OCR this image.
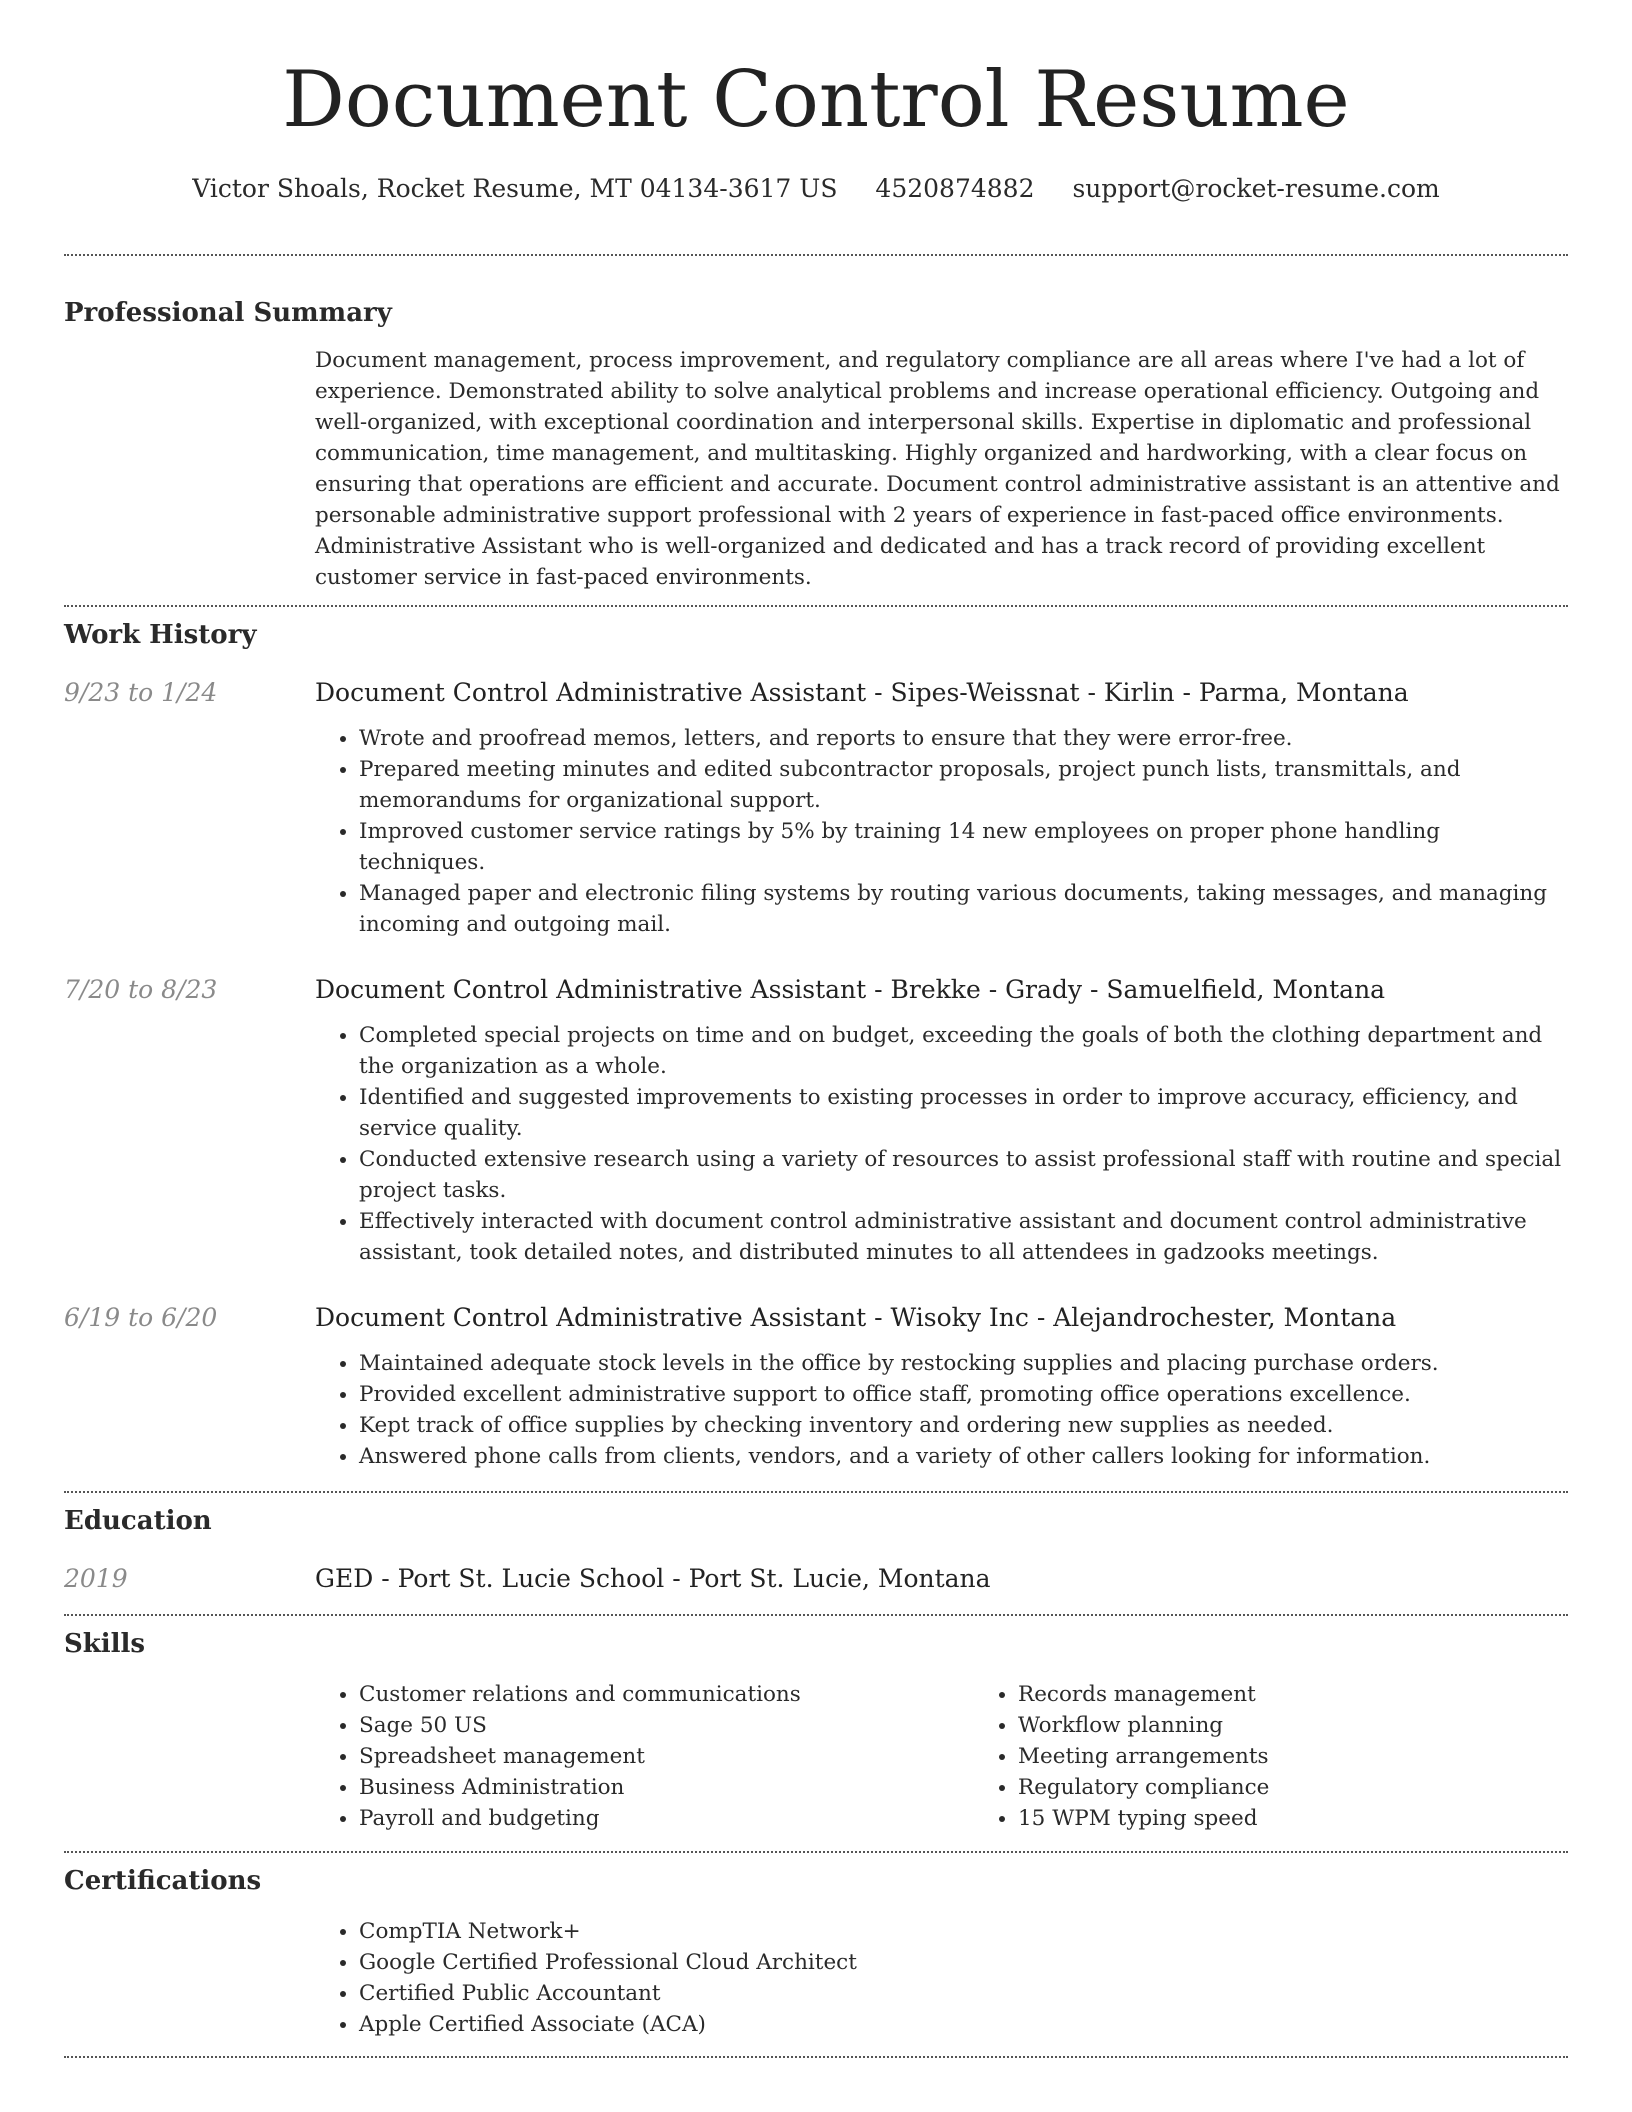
Document Control Resume
Victor Shoals, Rocket Resume, MT 04134-3617 US 4520874882 support@rocket-resume.com
Professional Summary
Document management, process improvement, and regulatory compliance are all areas where I've had a lot of experience. Demonstrated ability to solve analytical problems and increase operational efficiency. Outgoing and well-organized, with exceptional coordination and interpersonal skills. Expertise in diplomatic and professional communication, time management, and multitasking. Highly organized and hardworking, with a clear focus on ensuring that operations are efficient and accurate. Document control administrative assistant is an attentive and personable administrative support professional with 2 years of experience in fast-paced office environments. Administrative Assistant who is well-organized and dedicated and has a track record of providing excellent customer service in fast-paced environments.
Work History
9/23 to 1/24	Document Control Administrative Assistant - Sipes-Weissnat - Kirlin - Parma, Montana
• Wrote and proofread memos, letters, and reports to ensure that they were error-free.
• Prepared meeting minutes and edited subcontractor proposals, project punch lists, transmittals, and memorandums for organizational support.
• Improved customer service ratings by 5% by training 14 new employees on proper phone handling techniques.
• Managed paper and electronic filing systems by routing various documents, taking messages, and managing incoming and outgoing mail.
7/20 to 8/23	Document Control Administrative Assistant - Brekke - Grady - Samuelfield, Montana
• Completed special projects on time and on budget, exceeding the goals of both the clothing department and the organization as a whole.
• Identified and suggested improvements to existing processes in order to improve accuracy, efficiency, and service quality.
• Conducted extensive research using a variety of resources to assist professional staff with routine and special project tasks.
• Effectively interacted with document control administrative assistant and document control administrative assistant, took detailed notes, and distributed minutes to all attendees in gadzooks meetings.
6/19 to 6/20	Document Control Administrative Assistant - Wisoky Inc - Alejandrochester, Montana
• Maintained adequate stock levels in the office by restocking supplies and placing purchase orders.
• Provided excellent administrative support to office staff, promoting office operations excellence.
• Kept track of office supplies by checking inventory and ordering new supplies as needed.
• Answered phone calls from clients, vendors, and a variety of other callers looking for information.
Education
2019	GED - Port St. Lucie School - Port St. Lucie, Montana
Skills
• Customer relations and communications
• Sage 50 US
• Spreadsheet management
• Business Administration
• Payroll and budgeting
• Records management
• Workflow planning
• Meeting arrangements
• Regulatory compliance
• 15 WPM typing speed
Certifications
• CompTIA Network+
• Google Certified Professional Cloud Architect
• Certified Public Accountant
• Apple Certified Associate (ACA)
